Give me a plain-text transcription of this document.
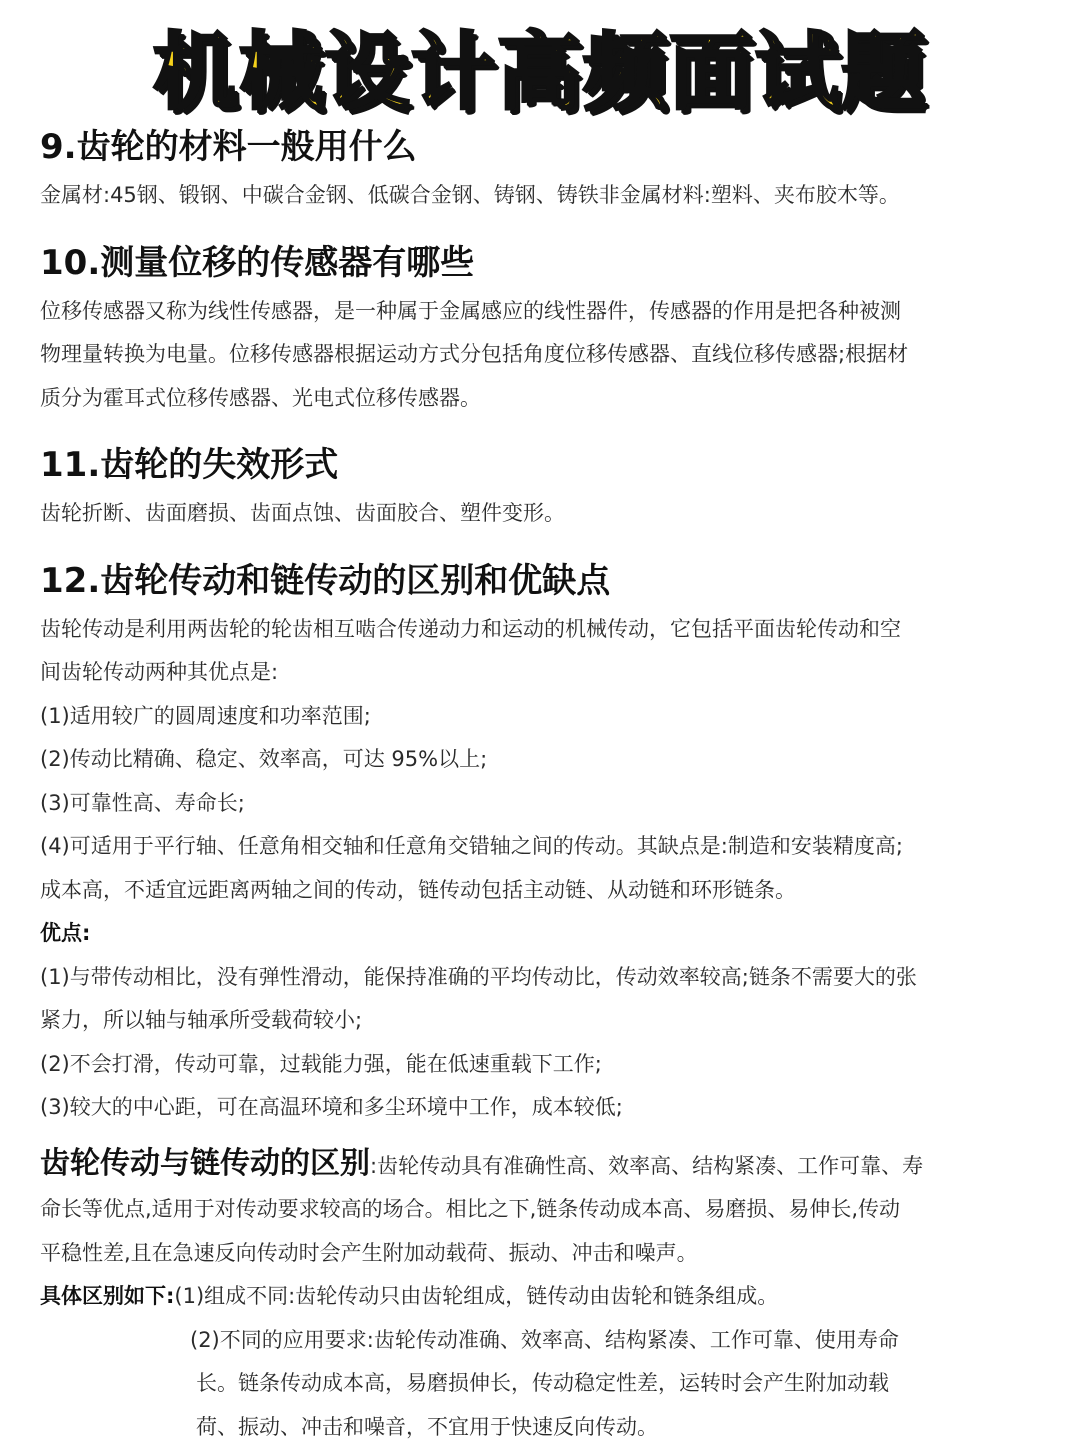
机械设计高频面试题

9.齿轮的材料一般用什么

金属材:45钢、锻钢、中碳合金钢、低碳合金钢、铸钢、铸铁非金属材料:塑料、夹布胶木等。

10.测量位移的传感器有哪些

位移传感器又称为线性传感器，是一种属于金属感应的线性器件，传感器的作用是把各种被测

物理量转换为电量。位移传感器根据运动方式分包括角度位移传感器、直线位移传感器;根据材

质分为霍耳式位移传感器、光电式位移传感器。

11.齿轮的失效形式

齿轮折断、齿面磨损、齿面点蚀、齿面胶合、塑件变形。

12.齿轮传动和链传动的区别和优缺点

齿轮传动是利用两齿轮的轮齿相互啮合传递动力和运动的机械传动，它包括平面齿轮传动和空

间齿轮传动两种其优点是:

(1)适用较广的圆周速度和功率范围;

(2)传动比精确、稳定、效率高，可达 95%以上;

(3)可靠性高、寿命长;

(4)可适用于平行轴、任意角相交轴和任意角交错轴之间的传动。其缺点是:制造和安装精度高;

成本高，不适宜远距离两轴之间的传动，链传动包括主动链、从动链和环形链条。

优点:

(1)与带传动相比，没有弹性滑动，能保持准确的平均传动比，传动效率较高;链条不需要大的张

紧力，所以轴与轴承所受载荷较小;

(2)不会打滑，传动可靠，过载能力强，能在低速重载下工作;

(3)较大的中心距，可在高温环境和多尘环境中工作，成本较低;

齿轮传动与链传动的区别:齿轮传动具有准确性高、效率高、结构紧凑、工作可靠、寿

命长等优点,适用于对传动要求较高的场合。相比之下,链条传动成本高、易磨损、易伸长,传动

平稳性差,且在急速反向传动时会产生附加动载荷、振动、冲击和噪声。

具体区别如下:(1)组成不同:齿轮传动只由齿轮组成，链传动由齿轮和链条组成。

(2)不同的应用要求:齿轮传动准确、效率高、结构紧凑、工作可靠、使用寿命

长。链条传动成本高，易磨损伸长，传动稳定性差，运转时会产生附加动载

荷、振动、冲击和噪音，不宜用于快速反向传动。
